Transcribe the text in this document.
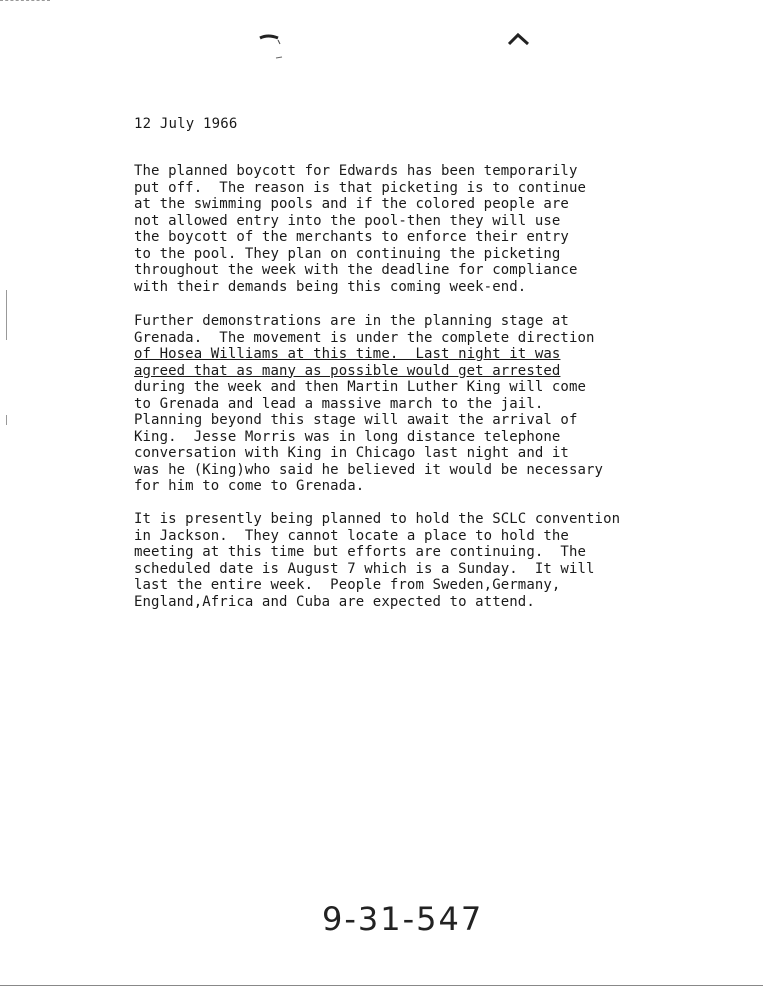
12 July 1966
The planned boycott for Edwards has been temporarily
put off.  The reason is that picketing is to continue
at the swimming pools and if the colored people are
not allowed entry into the pool-then they will use
the boycott of the merchants to enforce their entry
to the pool. They plan on continuing the picketing
throughout the week with the deadline for compliance
with their demands being this coming week-end.
Further demonstrations are in the planning stage at
Grenada.  The movement is under the complete direction
of Hosea Williams at this time.  Last night it was
agreed that as many as possible would get arrested
during the week and then Martin Luther King will come
to Grenada and lead a massive march to the jail.
Planning beyond this stage will await the arrival of
King.  Jesse Morris was in long distance telephone
conversation with King in Chicago last night and it
was he (King)who said he believed it would be necessary
for him to come to Grenada.
It is presently being planned to hold the SCLC convention
in Jackson.  They cannot locate a place to hold the
meeting at this time but efforts are continuing.  The
scheduled date is August 7 which is a Sunday.  It will
last the entire week.  People from Sweden,Germany,
England,Africa and Cuba are expected to attend.
9-31-547
